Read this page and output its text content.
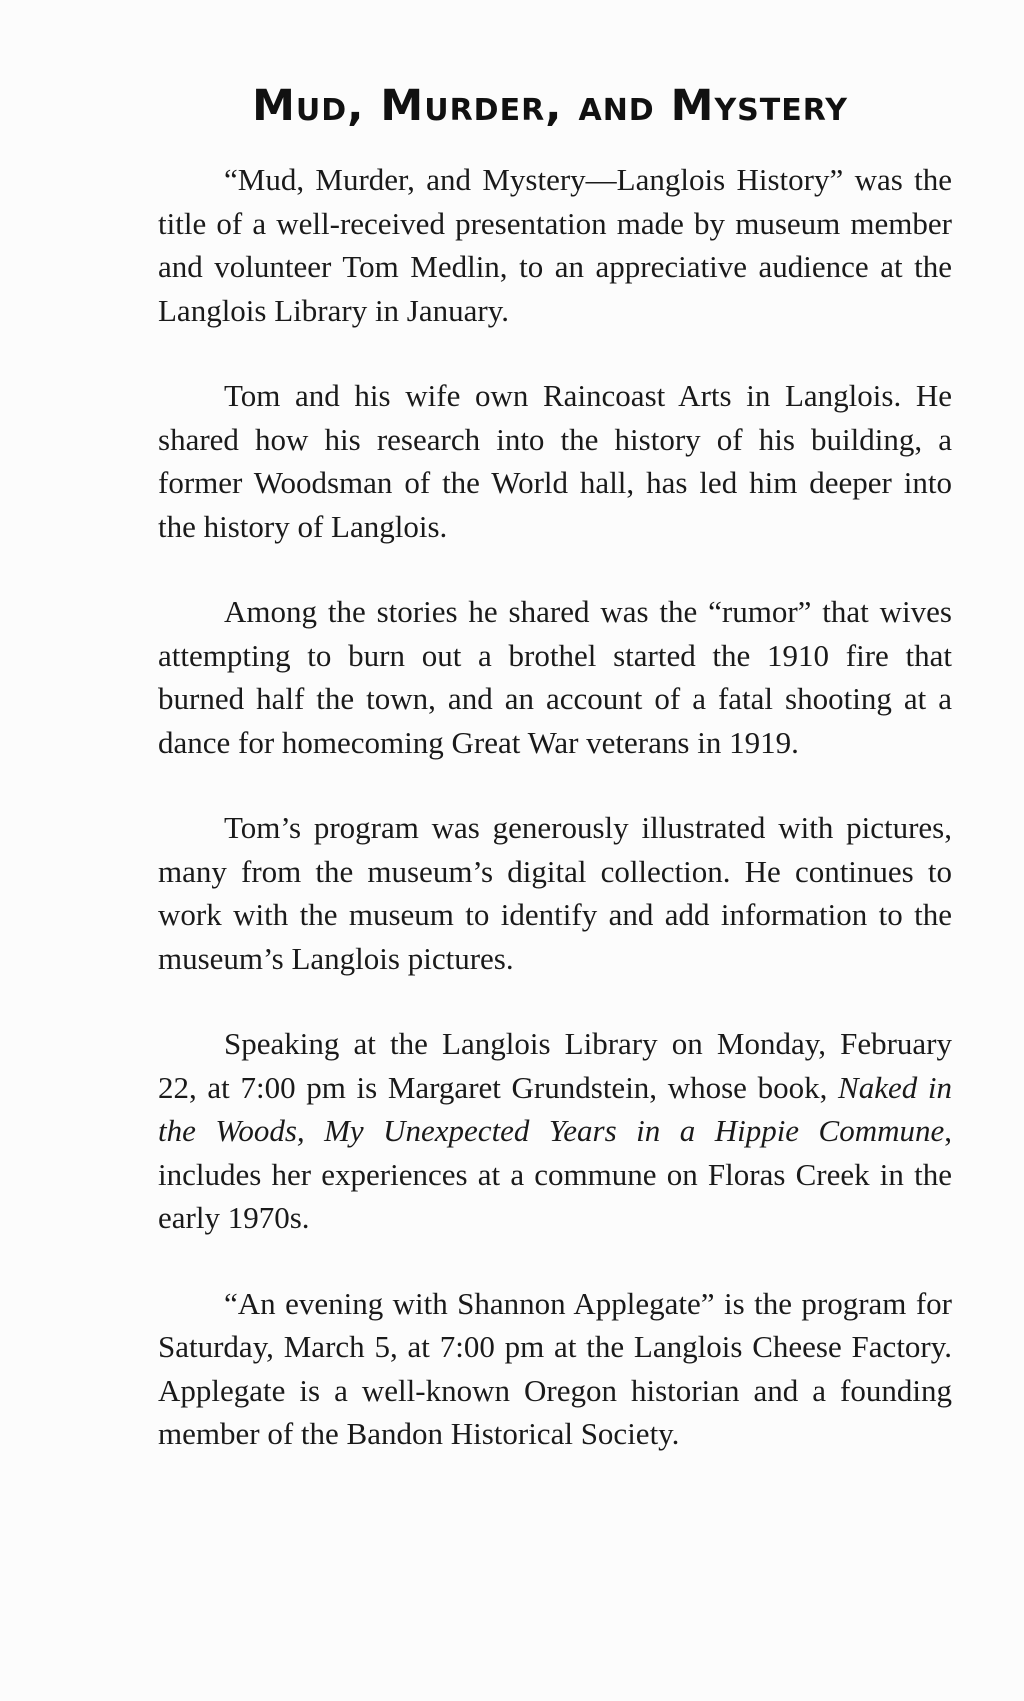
Mud, Murder, and Mystery

“Mud, Murder, and Mystery—Langlois History” was the title of a well-received presentation made by museum member and volunteer Tom Medlin, to an appreciative audience at the Langlois Library in January.

Tom and his wife own Raincoast Arts in Langlois. He shared how his research into the history of his building, a former Woodsman of the World hall, has led him deeper into the history of Langlois.

Among the stories he shared was the “rumor” that wives attempting to burn out a brothel started the 1910 fire that burned half the town, and an account of a fatal shooting at a dance for homecoming Great War veterans in 1919.

Tom’s program was generously illustrated with pictures, many from the museum’s digital collection. He continues to work with the museum to identify and add information to the museum’s Langlois pictures.

Speaking at the Langlois Library on Monday, February 22, at 7:00 pm is Margaret Grundstein, whose book, Naked in the Woods, My Unexpected Years in a Hippie Commune, includes her experiences at a commune on Floras Creek in the early 1970s.

“An evening with Shannon Applegate” is the program for Saturday, March 5, at 7:00 pm at the Langlois Cheese Factory. Applegate is a well-known Oregon historian and a founding member of the Bandon Historical Society.
